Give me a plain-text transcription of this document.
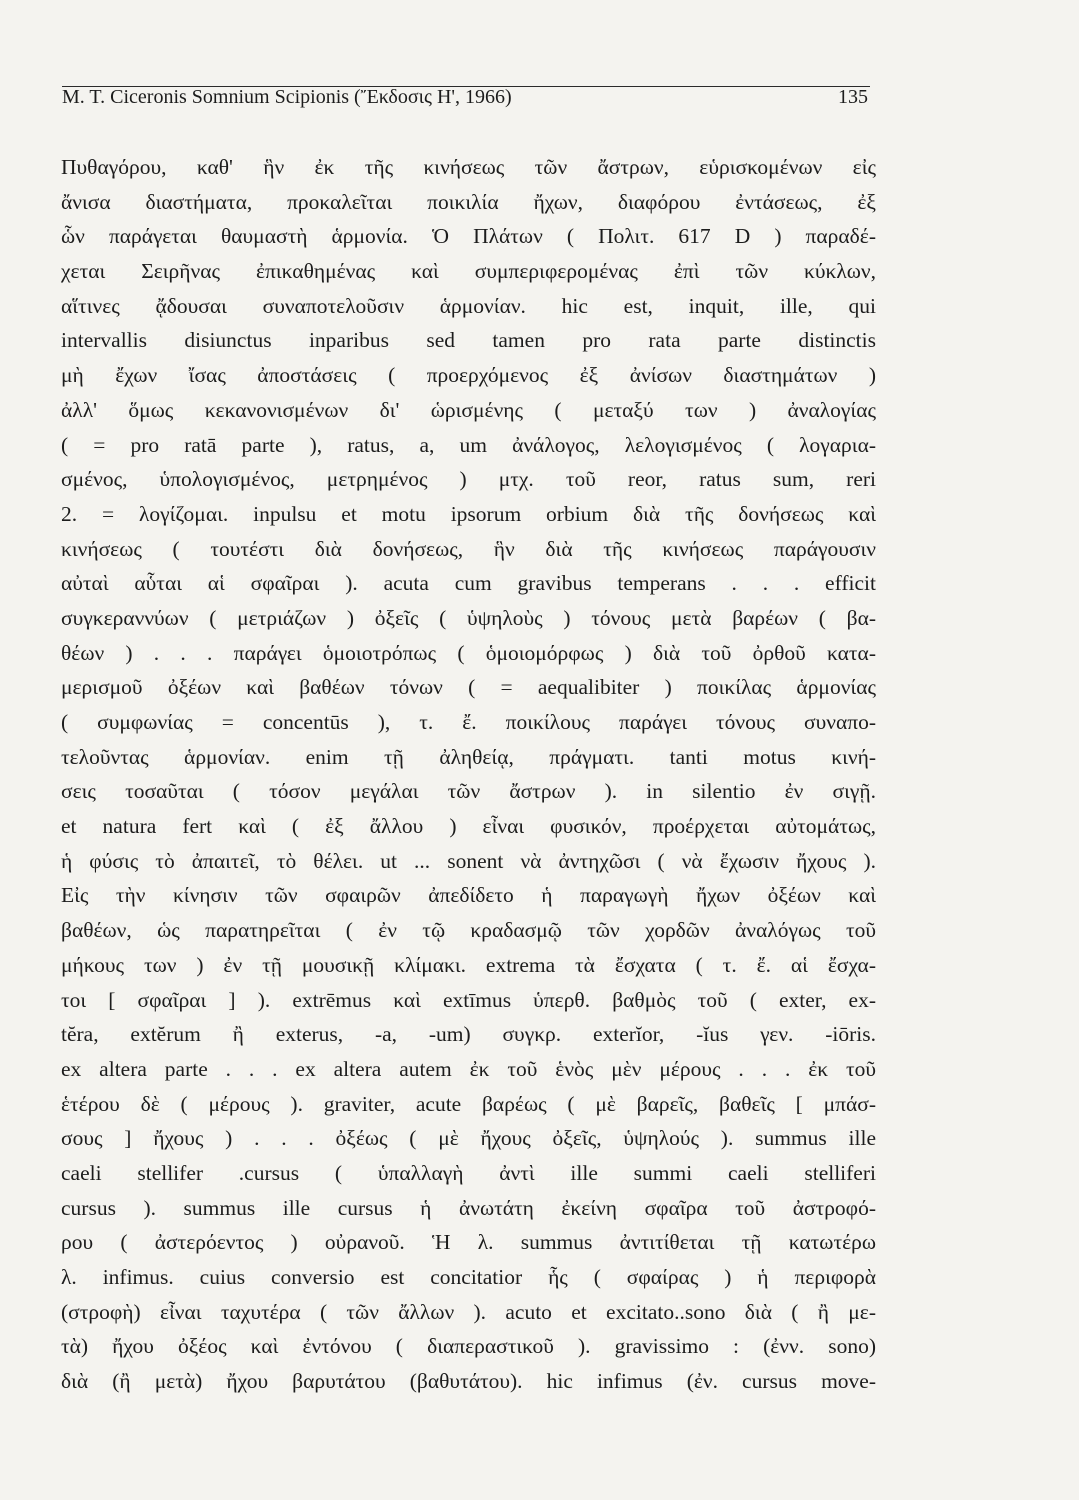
Μ. Τ. Ciceronis Somnium Scipionis (Ἔκδοσις Η', 1966)	135
Πυθαγόρου, καθ' ἣν ἐκ τῆς κινήσεως τῶν ἄστρων, εὑρισκομένων εἰς
ἄνισα διαστήματα, προκαλεῖται ποικιλία ἤχων, διαφόρου ἐντάσεως, ἐξ
ὧν παράγεται θαυμαστὴ ἁρμονία. Ὁ Πλάτων ( Πολιτ. 617 D ) παραδέ-
χεται Σειρῆνας ἐπικαθημένας καὶ συμπεριφερομένας ἐπὶ τῶν κύκλων,
αἵτινες ᾄδουσαι συναποτελοῦσιν ἁρμονίαν. hic est, inquit, ille, qui
intervallis disiunctus inparibus sed tamen pro rata parte distinctis
μὴ ἔχων ἴσας ἀποστάσεις ( προερχόμενος ἐξ ἀνίσων διαστημάτων )
ἀλλ' ὅμως κεκανονισμένων δι' ὡρισμένης ( μεταξύ των ) ἀναλογίας
( = pro ratā parte ), ratus, a, um ἀνάλογος, λελογισμένος ( λογαρια-
σμένος, ὑπολογισμένος, μετρημένος ) μτχ. τοῦ reor, ratus sum, reri
2. = λογίζομαι. inpulsu et motu ipsorum orbium διὰ τῆς δονήσεως καὶ
κινήσεως ( τουτέστι διὰ δονήσεως, ἣν διὰ τῆς κινήσεως παράγουσιν
αὐταὶ αὗται αἱ σφαῖραι ). acuta cum gravibus temperans . . . efficit
συγκεραννύων ( μετριάζων ) ὀξεῖς ( ὑψηλοὺς ) τόνους μετὰ βαρέων ( βα-
θέων ) . . . παράγει ὁμοιοτρόπως ( ὁμοιομόρφως ) διὰ τοῦ ὀρθοῦ κατα-
μερισμοῦ ὀξέων καὶ βαθέων τόνων ( = aequalibiter ) ποικίλας ἁρμονίας
( συμφωνίας = concentūs ), τ. ἔ. ποικίλους παράγει τόνους συναπο-
τελοῦντας ἁρμονίαν. enim τῇ ἀληθείᾳ, πράγματι. tanti motus κινή-
σεις τοσαῦται ( τόσον μεγάλαι τῶν ἄστρων ). in silentio ἐν σιγῇ.
et natura fert καὶ ( ἐξ ἄλλου ) εἶναι φυσικόν, προέρχεται αὐτομάτως,
ἡ φύσις τὸ ἀπαιτεῖ, τὸ θέλει. ut ... sonent νὰ ἀντηχῶσι ( νὰ ἔχωσιν ἤχους ).
Εἰς τὴν κίνησιν τῶν σφαιρῶν ἀπεδίδετο ἡ παραγωγὴ ἤχων ὀξέων καὶ
βαθέων, ὡς παρατηρεῖται ( ἐν τῷ κραδασμῷ τῶν χορδῶν ἀναλόγως τοῦ
μήκους των ) ἐν τῇ μουσικῇ κλίμακι. extrema τὰ ἔσχατα ( τ. ἔ. αἱ ἔσχα-
τοι [ σφαῖραι ] ). extrēmus καὶ extīmus ὑπερθ. βαθμὸς τοῦ ( exter, ex-
tĕra, extĕrum ἢ exterus, -a, -um) συγκρ. exterĭor, -ĭus γεν. -iōris.
ex altera parte . . . ex altera autem ἐκ τοῦ ἑνὸς μὲν μέρους . . . ἐκ τοῦ
ἑτέρου δὲ ( μέρους ). graviter, acute βαρέως ( μὲ βαρεῖς, βαθεῖς [ μπάσ-
σους ] ἤχους ) . . . ὀξέως ( μὲ ἤχους ὀξεῖς, ὑψηλούς ). summus ille
caeli stellifer .cursus ( ὑπαλλαγὴ ἀντὶ ille summi caeli stelliferi
cursus ). summus ille cursus ἡ ἀνωτάτη ἐκείνη σφαῖρα τοῦ ἀστροφό-
ρου ( ἀστερόεντος ) οὐρανοῦ. Ἡ λ. summus ἀντιτίθεται τῇ κατωτέρω
λ. infimus. cuius conversio est concitatior ἧς ( σφαίρας ) ἡ περιφορὰ
(στροφὴ) εἶναι ταχυτέρα ( τῶν ἄλλων ). acuto et excitato..sono διὰ ( ἢ με-
τὰ) ἤχου ὀξέος καὶ ἐντόνου ( διαπεραστικοῦ ). gravissimo : (ἐνν. sono)
διὰ (ἢ μετὰ) ἤχου βαρυτάτου (βαθυτάτου). hic infimus (ἐν. cursus move-
